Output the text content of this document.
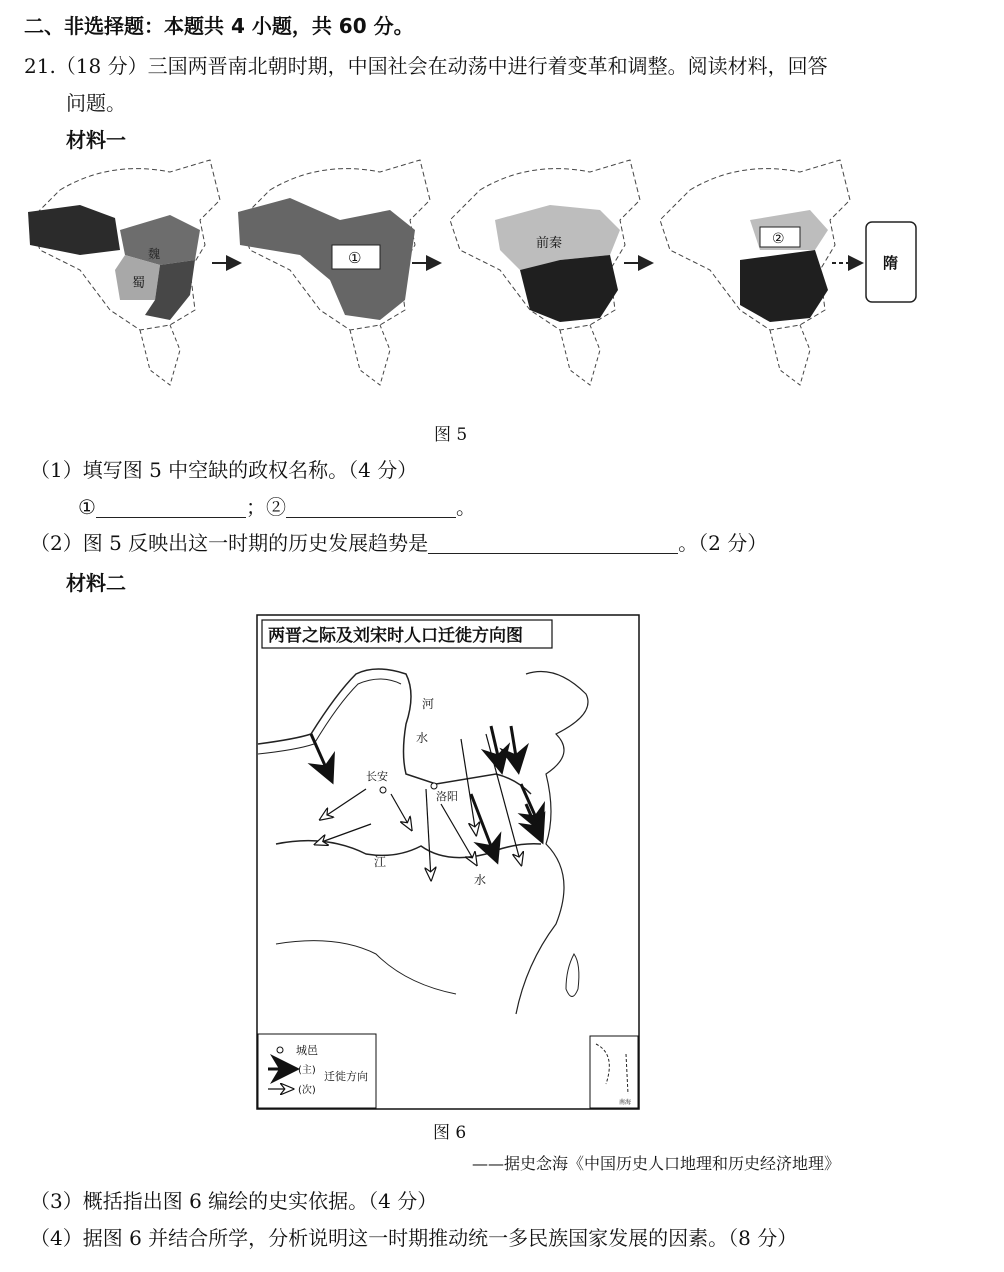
二、非选择题：本题共 4 小题，共 60 分。
21.（18 分）三国两晋南北朝时期，中国社会在动荡中进行着变革和调整。阅读材料，回答
问题。
材料一
蜀
魏	①
前秦	②
隋
图 5
（1）填写图 5 中空缺的政权名称。（4 分）
①	；②	。
（2）图 5 反映出这一时期的历史发展趋势是	。（2 分）
材料二
两晋之际及刘宋时人口迁徙方向图
河
水
长安
洛阳
江
水
城邑
(主) 迁徙方向
(次)
南海
图 6
——据史念海《中国历史人口地理和历史经济地理》
（3）概括指出图 6 编绘的史实依据。（4 分）
（4）据图 6 并结合所学，分析说明这一时期推动统一多民族国家发展的因素。（8 分）
